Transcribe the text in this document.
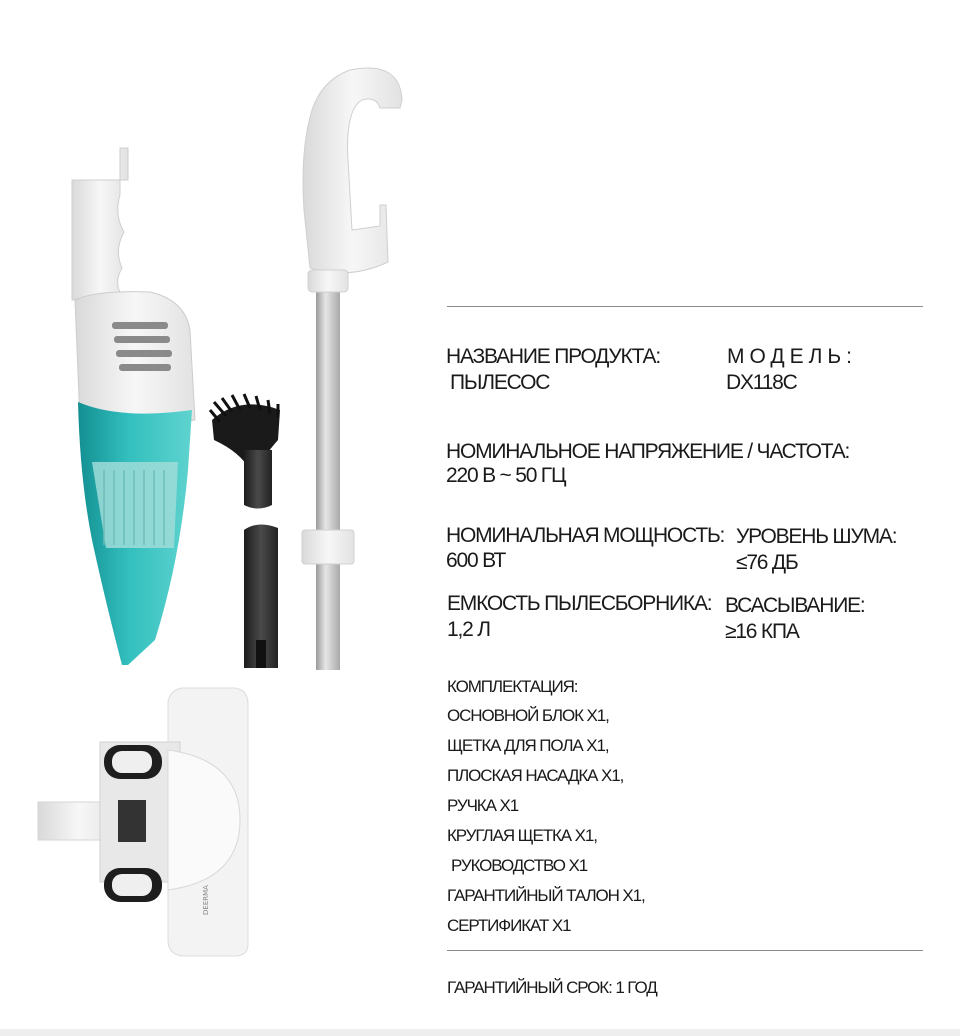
DEERMA
НАЗВАНИЕ ПРОДУКТА:
ПЫЛЕСОС
МОДЕЛЬ:
DX118C
НОМИНАЛЬНОЕ НАПРЯЖЕНИЕ / ЧАСТОТА:
220 В ~ 50 ГЦ
НОМИНАЛЬНАЯ МОЩНОСТЬ:
600 ВТ
УРОВЕНЬ ШУМА:
≤76 ДБ
ЕМКОСТЬ ПЫЛЕСБОРНИКА:
1,2 Л
ВСАСЫВАНИЕ:
≥16 КПА
КОМПЛЕКТАЦИЯ:
ОСНОВНОЙ БЛОК X1,
ЩЕТКА ДЛЯ ПОЛА X1,
ПЛОСКАЯ НАСАДКА X1,
РУЧКА X1
КРУГЛАЯ ЩЕТКА X1,
РУКОВОДСТВО X1
ГАРАНТИЙНЫЙ ТАЛОН X1,
СЕРТИФИКАТ X1
ГАРАНТИЙНЫЙ СРОК: 1 ГОД
